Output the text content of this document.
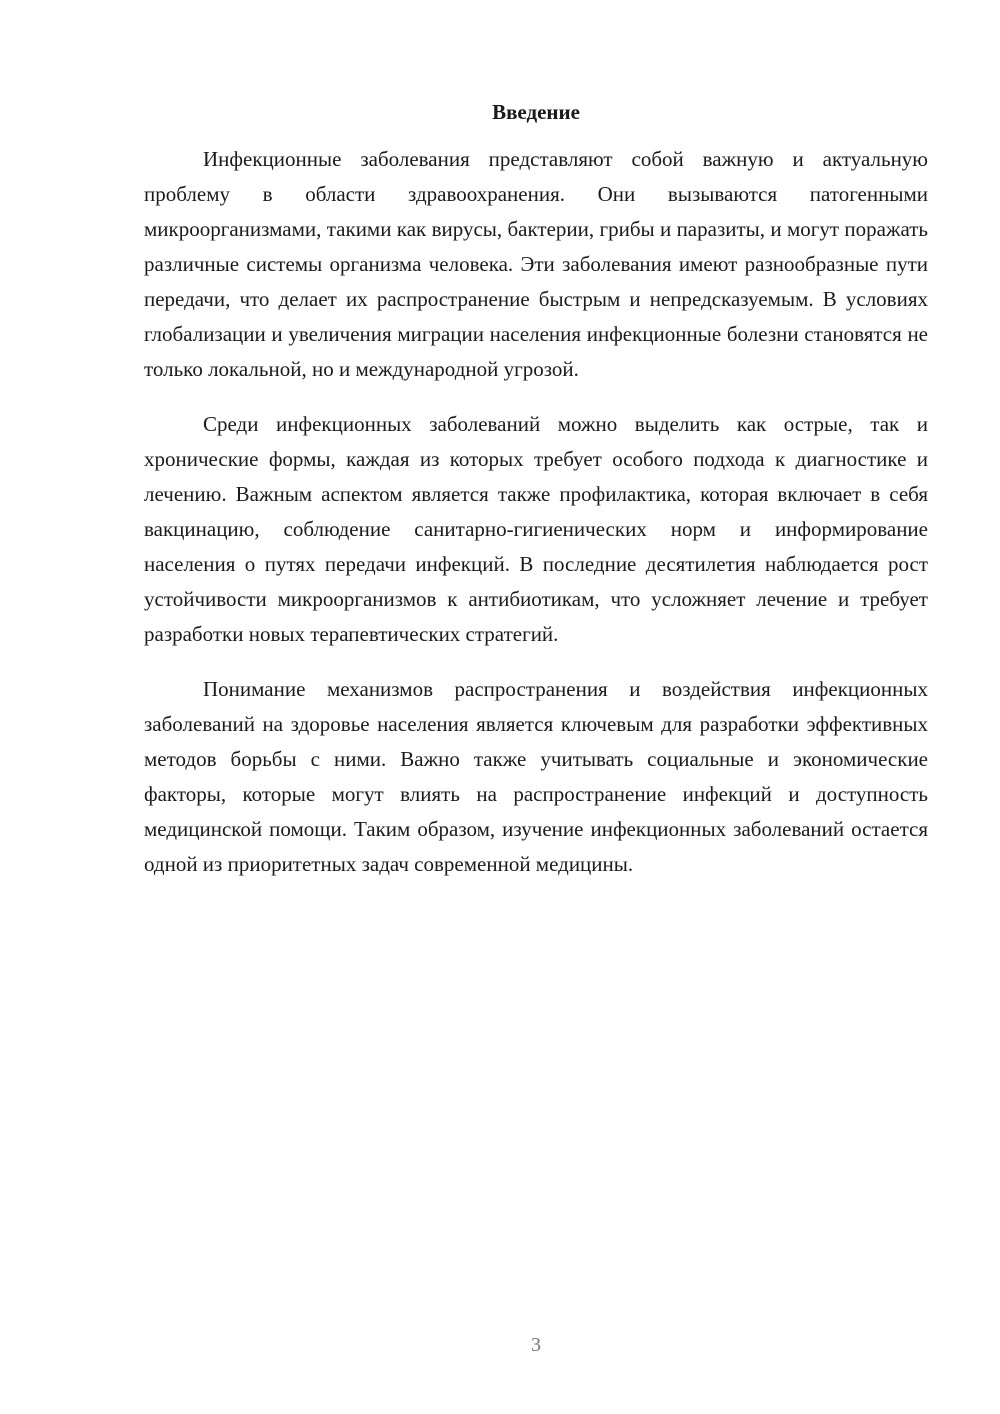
Введение

Инфекционные заболевания представляют собой важную и актуальную проблему в области здравоохранения. Они вызываются патогенными микроорганизмами, такими как вирусы, бактерии, грибы и паразиты, и могут поражать различные системы организма человека. Эти заболевания имеют разнообразные пути передачи, что делает их распространение быстрым и непредсказуемым. В условиях глобализации и увеличения миграции населения инфекционные болезни становятся не только локальной, но и международной угрозой.

Среди инфекционных заболеваний можно выделить как острые, так и хронические формы, каждая из которых требует особого подхода к диагностике и лечению. Важным аспектом является также профилактика, которая включает в себя вакцинацию, соблюдение санитарно-гигиенических норм и информирование населения о путях передачи инфекций. В последние десятилетия наблюдается рост устойчивости микроорганизмов к антибиотикам, что усложняет лечение и требует разработки новых терапевтических стратегий.

Понимание механизмов распространения и воздействия инфекционных заболеваний на здоровье населения является ключевым для разработки эффективных методов борьбы с ними. Важно также учитывать социальные и экономические факторы, которые могут влиять на распространение инфекций и доступность медицинской помощи. Таким образом, изучение инфекционных заболеваний остается одной из приоритетных задач современной медицины.

3
